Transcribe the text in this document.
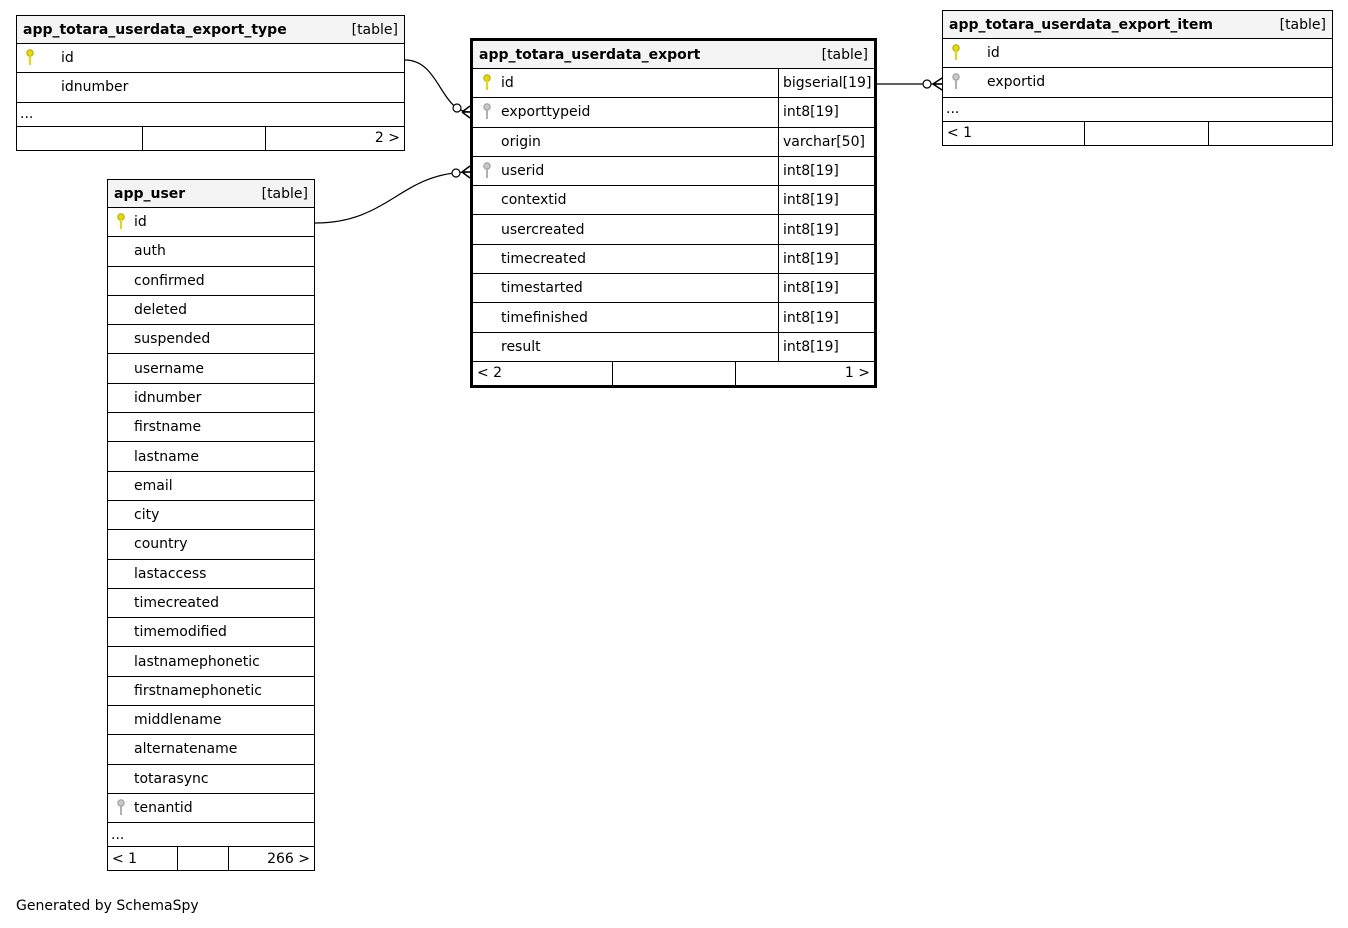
app_totara_userdata_export_type	[table]
id
idnumber
...
2 >
app_totara_userdata_export	[table]
id	bigserial[19]
exporttypeid	int8[19]
origin	varchar[50]
userid	int8[19]
contextid	int8[19]
usercreated	int8[19]
timecreated	int8[19]
timestarted	int8[19]
timefinished	int8[19]
result	int8[19]
< 2	1 >
app_totara_userdata_export_item	[table]
id
exportid
...
< 1
app_user	[table]
id
auth
confirmed
deleted
suspended
username
idnumber
firstname
lastname
email
city
country
lastaccess
timecreated
timemodified
lastnamephonetic
firstnamephonetic
middlename
alternatename
totarasync
tenantid
...
< 1	266 >
Generated by SchemaSpy
